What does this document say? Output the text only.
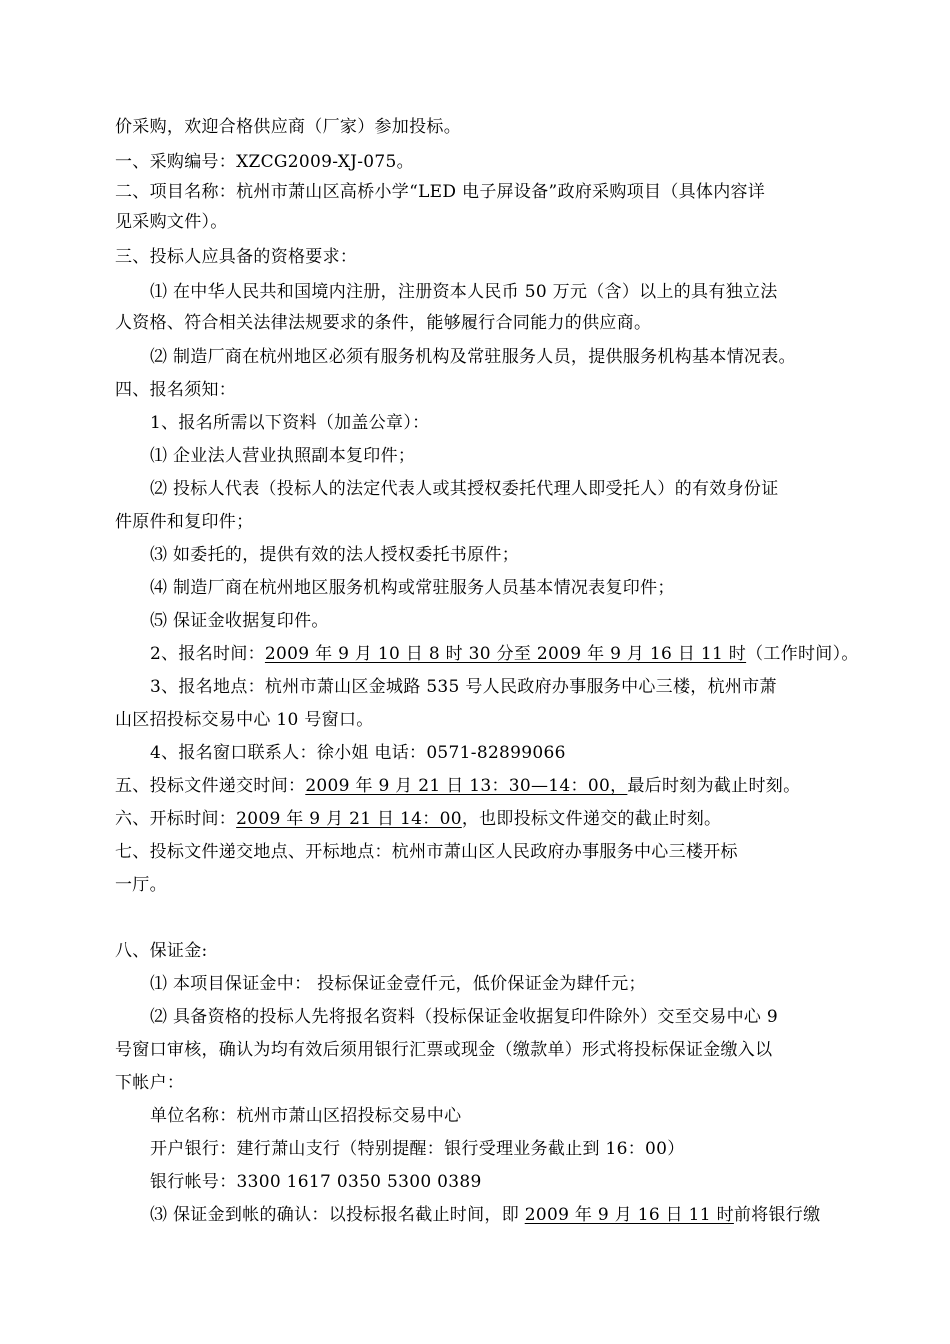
价采购，欢迎合格供应商（厂家）参加投标。
一、采购编号：XZCG2009-XJ-075。
二、项目名称：杭州市萧山区高桥小学“LED 电子屏设备”政府采购项目（具体内容详
见采购文件）。
三、投标人应具备的资格要求：
⑴ 在中华人民共和国境内注册，注册资本人民币 50 万元（含）以上的具有独立法
人资格、符合相关法律法规要求的条件，能够履行合同能力的供应商。
⑵ 制造厂商在杭州地区必须有服务机构及常驻服务人员，提供服务机构基本情况表。
四、报名须知：
1、报名所需以下资料（加盖公章）：
⑴ 企业法人营业执照副本复印件；
⑵ 投标人代表（投标人的法定代表人或其授权委托代理人即受托人）的有效身份证
件原件和复印件；
⑶ 如委托的，提供有效的法人授权委托书原件；
⑷ 制造厂商在杭州地区服务机构或常驻服务人员基本情况表复印件；
⑸ 保证金收据复印件。
2、报名时间：2009 年 9 月 10 日 8 时 30 分至 2009 年 9 月 16 日 11 时（工作时间）。
3、报名地点：杭州市萧山区金城路 535 号人民政府办事服务中心三楼，杭州市萧
山区招投标交易中心 10 号窗口。
4、报名窗口联系人：徐小姐 电话：0571-82899066
五、投标文件递交时间：2009 年 9 月 21 日 13：30—14：00，最后时刻为截止时刻。
六、开标时间：2009 年 9 月 21 日 14：00，也即投标文件递交的截止时刻。
七、投标文件递交地点、开标地点：杭州市萧山区人民政府办事服务中心三楼开标
一厅。
八、保证金:
⑴ 本项目保证金中： 投标保证金壹仟元，低价保证金为肆仟元；
⑵ 具备资格的投标人先将报名资料（投标保证金收据复印件除外）交至交易中心 9
号窗口审核，确认为均有效后须用银行汇票或现金（缴款单）形式将投标保证金缴入以
下帐户：
单位名称：杭州市萧山区招投标交易中心
开户银行：建行萧山支行（特别提醒：银行受理业务截止到 16：00）
银行帐号：3300 1617 0350 5300 0389
⑶ 保证金到帐的确认：以投标报名截止时间，即 2009 年 9 月 16 日 11 时前将银行缴
